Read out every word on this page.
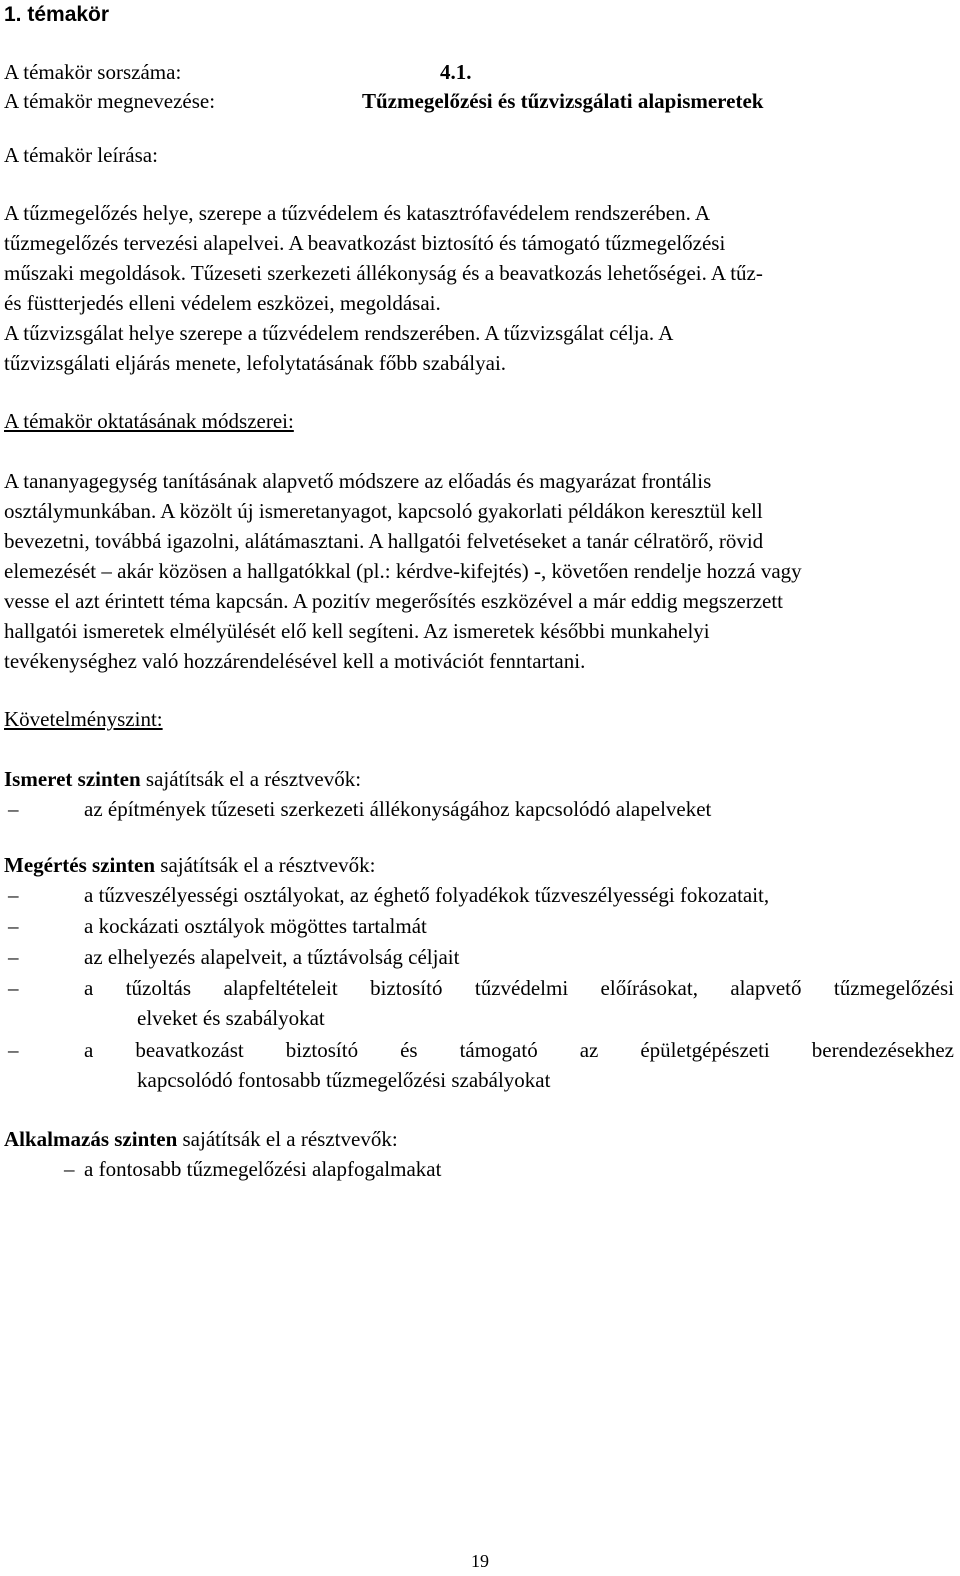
1. témakör
A témakör sorszáma:	4.1.
A témakör megnevezése:	Tűzmegelőzési és tűzvizsgálati alapismeretek
A témakör leírása:
A tűzmegelőzés helye, szerepe a tűzvédelem és katasztrófavédelem rendszerében. A
tűzmegelőzés tervezési alapelvei. A beavatkozást biztosító és támogató tűzmegelőzési
műszaki megoldások. Tűzeseti szerkezeti állékonyság és a beavatkozás lehetőségei. A tűz-
és füstterjedés elleni védelem eszközei, megoldásai.
A tűzvizsgálat helye szerepe a tűzvédelem rendszerében. A tűzvizsgálat célja. A
tűzvizsgálati eljárás menete, lefolytatásának főbb szabályai.
A témakör oktatásának módszerei:
A tananyagegység tanításának alapvető módszere az előadás és magyarázat frontális
osztálymunkában. A közölt új ismeretanyagot, kapcsoló gyakorlati példákon keresztül kell
bevezetni, továbbá igazolni, alátámasztani. A hallgatói felvetéseket a tanár célratörő, rövid
elemezését – akár közösen a hallgatókkal (pl.: kérdve-kifejtés) -, követően rendelje hozzá vagy
vesse el azt érintett téma kapcsán. A pozitív megerősítés eszközével a már eddig megszerzett
hallgatói ismeretek elmélyülését elő kell segíteni. Az ismeretek későbbi munkahelyi
tevékenységhez való hozzárendelésével kell a motivációt fenntartani.
Követelményszint:
Ismeret szinten sajátítsák el a résztvevők:
–	az építmények tűzeseti szerkezeti állékonyságához kapcsolódó alapelveket
Megértés szinten sajátítsák el a résztvevők:
–	a tűzveszélyességi osztályokat, az éghető folyadékok tűzveszélyességi fokozatait,
–	a kockázati osztályok mögöttes tartalmát
–	az elhelyezés alapelveit, a tűztávolság céljait
–	a tűzoltás alapfeltételeit biztosító tűzvédelmi előírásokat, alapvető tűzmegelőzési
elveket és szabályokat
–	a beavatkozást biztosító és támogató az épületgépészeti berendezésekhez
kapcsolódó fontosabb tűzmegelőzési szabályokat
Alkalmazás szinten sajátítsák el a résztvevők:
– a fontosabb tűzmegelőzési alapfogalmakat
19
